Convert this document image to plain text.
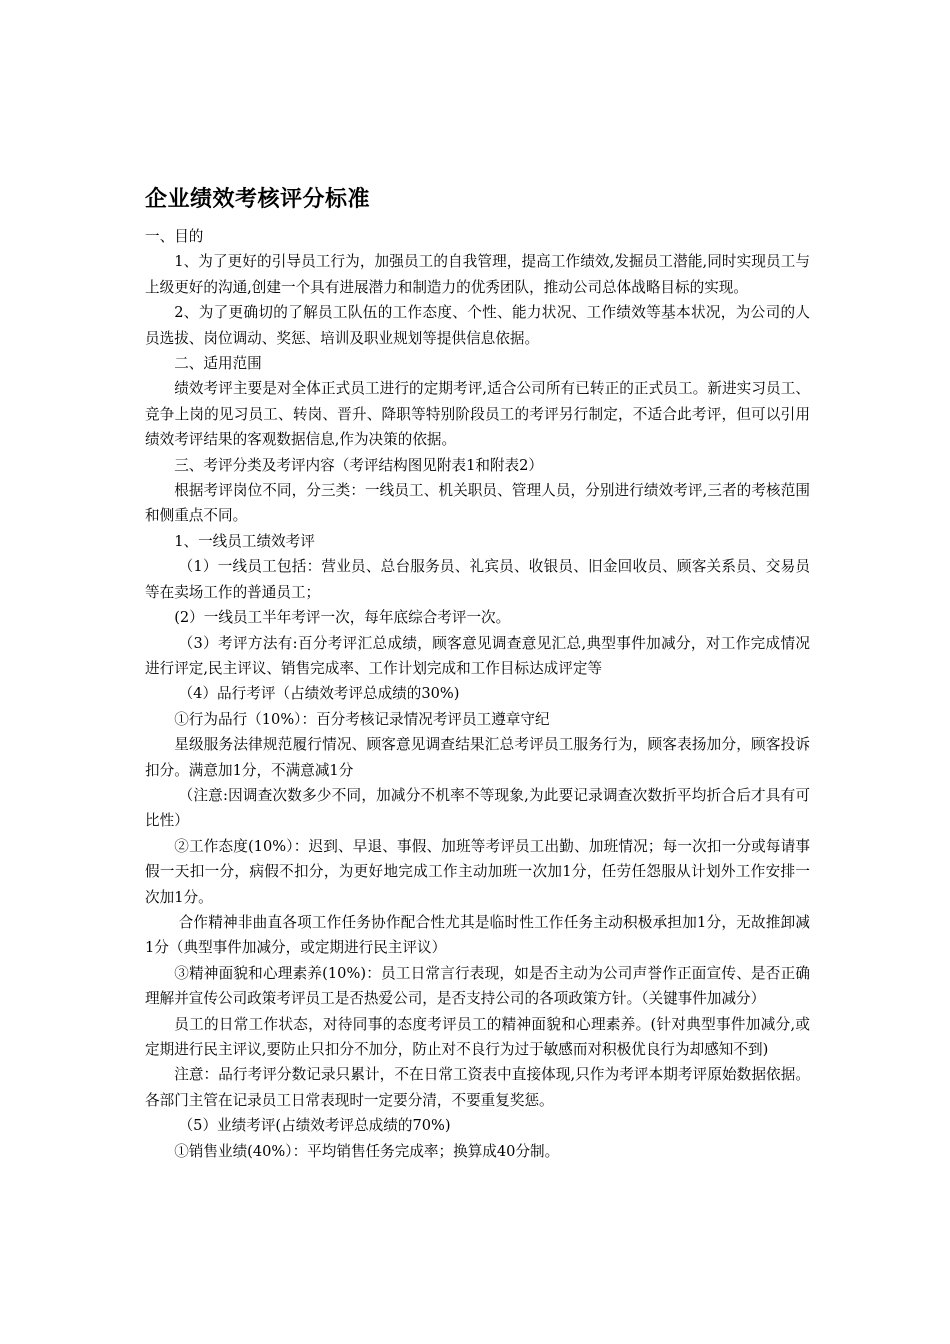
企业绩效考核评分标准

一、目的

1、为了更好的引导员工行为，加强员工的自我管理，提高工作绩效,发掘员工潜能,同时实现员工与上级更好的沟通,创建一个具有进展潜力和制造力的优秀团队，推动公司总体战略目标的实现。

2、为了更确切的了解员工队伍的工作态度、个性、能力状况、工作绩效等基本状况，为公司的人员选拔、岗位调动、奖惩、培训及职业规划等提供信息依据。

二、适用范围

绩效考评主要是对全体正式员工进行的定期考评,适合公司所有已转正的正式员工。新进实习员工、竞争上岗的见习员工、转岗、晋升、降职等特别阶段员工的考评另行制定，不适合此考评，但可以引用绩效考评结果的客观数据信息,作为决策的依据。

三、考评分类及考评内容（考评结构图见附表1和附表2）

根据考评岗位不同，分三类：一线员工、机关职员、管理人员，分别进行绩效考评,三者的考核范围和侧重点不同。

1、一线员工绩效考评

（1）一线员工包括：营业员、总台服务员、礼宾员、收银员、旧金回收员、顾客关系员、交易员等在卖场工作的普通员工；

(2）一线员工半年考评一次，每年底综合考评一次。

（3）考评方法有:百分考评汇总成绩，顾客意见调查意见汇总,典型事件加减分，对工作完成情况进行评定,民主评议、销售完成率、工作计划完成和工作目标达成评定等

（4）品行考评（占绩效考评总成绩的30%)

①行为品行（10%）：百分考核记录情况考评员工遵章守纪

星级服务法律规范履行情况、顾客意见调查结果汇总考评员工服务行为，顾客表扬加分，顾客投诉扣分。满意加1分，不满意减1分

（注意:因调查次数多少不同，加减分不机率不等现象,为此要记录调查次数折平均折合后才具有可比性）

②工作态度(10%）：迟到、早退、事假、加班等考评员工出勤、加班情况；每一次扣一分或每请事假一天扣一分，病假不扣分，为更好地完成工作主动加班一次加1分，任劳任怨服从计划外工作安排一次加1分。

合作精神非曲直各项工作任务协作配合性尤其是临时性工作任务主动积极承担加1分，无故推卸减1分（典型事件加减分，或定期进行民主评议）

③精神面貌和心理素养(10%)：员工日常言行表现，如是否主动为公司声誉作正面宣传、是否正确理解并宣传公司政策考评员工是否热爱公司，是否支持公司的各项政策方针。（关键事件加减分）

员工的日常工作状态，对待同事的态度考评员工的精神面貌和心理素养。(针对典型事件加减分,或定期进行民主评议,要防止只扣分不加分，防止对不良行为过于敏感而对积极优良行为却感知不到)

注意：品行考评分数记录只累计，不在日常工资表中直接体现,只作为考评本期考评原始数据依据。各部门主管在记录员工日常表现时一定要分清，不要重复奖惩。

（5）业绩考评(占绩效考评总成绩的70%)

①销售业绩(40%）：平均销售任务完成率；换算成40分制。
